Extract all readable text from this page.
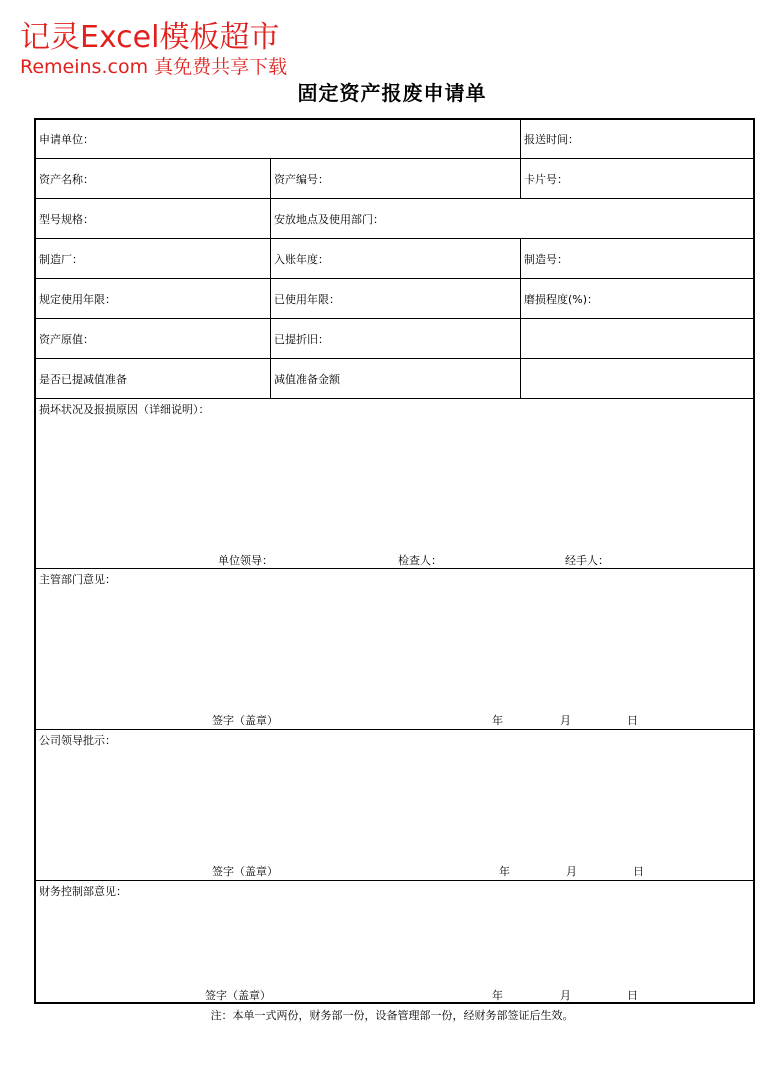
记灵Excel模板超市
Remeins.com 真免费共享下载
固定资产报废申请单
申请单位：	报送时间：
资产名称：	资产编号：	卡片号：
型号规格：	安放地点及使用部门：
制造厂：	入账年度：	制造号：
规定使用年限：	已使用年限：	磨损程度(%)：
资产原值：	已提折旧：
是否已提减值准备	减值准备金额
损坏状况及报损原因（详细说明）：
单位领导：	检查人：	经手人：
主管部门意见：
签字（盖章）	年	月	日
公司领导批示：
签字（盖章）	年	月	日
财务控制部意见：
签字（盖章）	年	月	日
注：本单一式两份，财务部一份，设备管理部一份，经财务部签证后生效。
